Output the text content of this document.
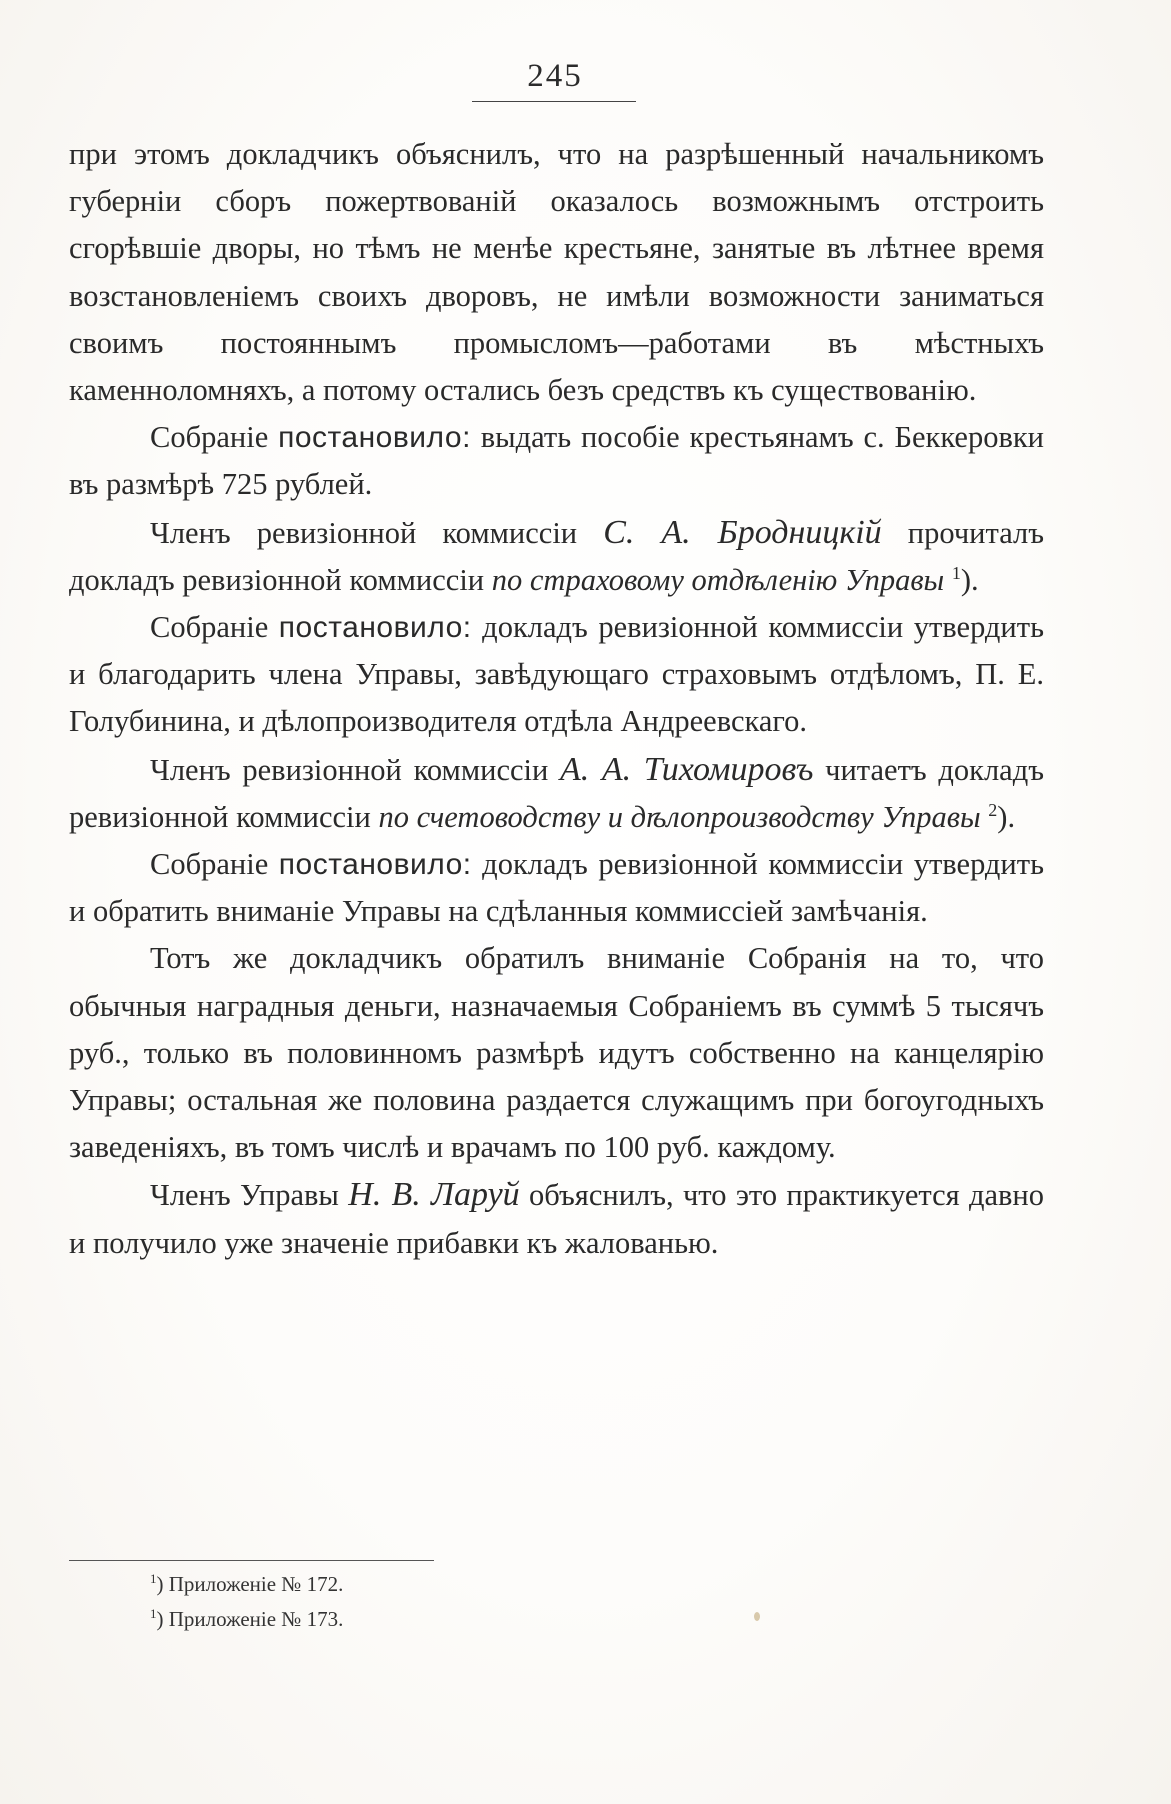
245

при этомъ докладчикъ объяснилъ, что на разрѣшенный начальникомъ губерніи сборъ пожертвованій оказалось возможнымъ отстроить сгорѣвшіе дворы, но тѣмъ не менѣе крестьяне, занятые въ лѣтнее время возстановленіемъ своихъ дворовъ, не имѣли возможности заниматься своимъ постояннымъ промысломъ—работами въ мѣстныхъ каменноломняхъ, а потому остались безъ средствъ къ существованію.

Собраніе постановило: выдать пособіе крестьянамъ с. Беккеровки въ размѣрѣ 725 рублей.

Членъ ревизіонной коммиссіи С. А. Бродницкій прочиталъ докладъ ревизіонной коммиссіи по страховому отдѣленію Управы $^1$).

Собраніе постановило: докладъ ревизіонной коммиссіи утвердить и благодарить члена Управы, завѣдующаго страховымъ отдѣломъ, П. Е. Голубинина, и дѣлопроизводителя отдѣла Андреевскаго.

Членъ ревизіонной коммиссіи А. А. Тихомировъ читаетъ докладъ ревизіонной коммиссіи по счетоводству и дѣлопроизводству Управы $^2$).

Собраніе постановило: докладъ ревизіонной коммиссіи утвердить и обратить вниманіе Управы на сдѣланныя коммиссіей замѣчанія.

Тотъ же докладчикъ обратилъ вниманіе Собранія на то, что обычныя наградныя деньги, назначаемыя Собраніемъ въ суммѣ 5 тысячъ руб., только въ половинномъ размѣрѣ идутъ собственно на канцелярію Управы; остальная же половина раздается служащимъ при богоугодныхъ заведеніяхъ, въ томъ числѣ и врачамъ по 100 руб. каждому.

Членъ Управы Н. В. Ларуй объяснилъ, что это практикуется давно и получило уже значеніе прибавки къ жалованью.

$^1$) Приложеніе № 172.

$^1$) Приложеніе № 173.
